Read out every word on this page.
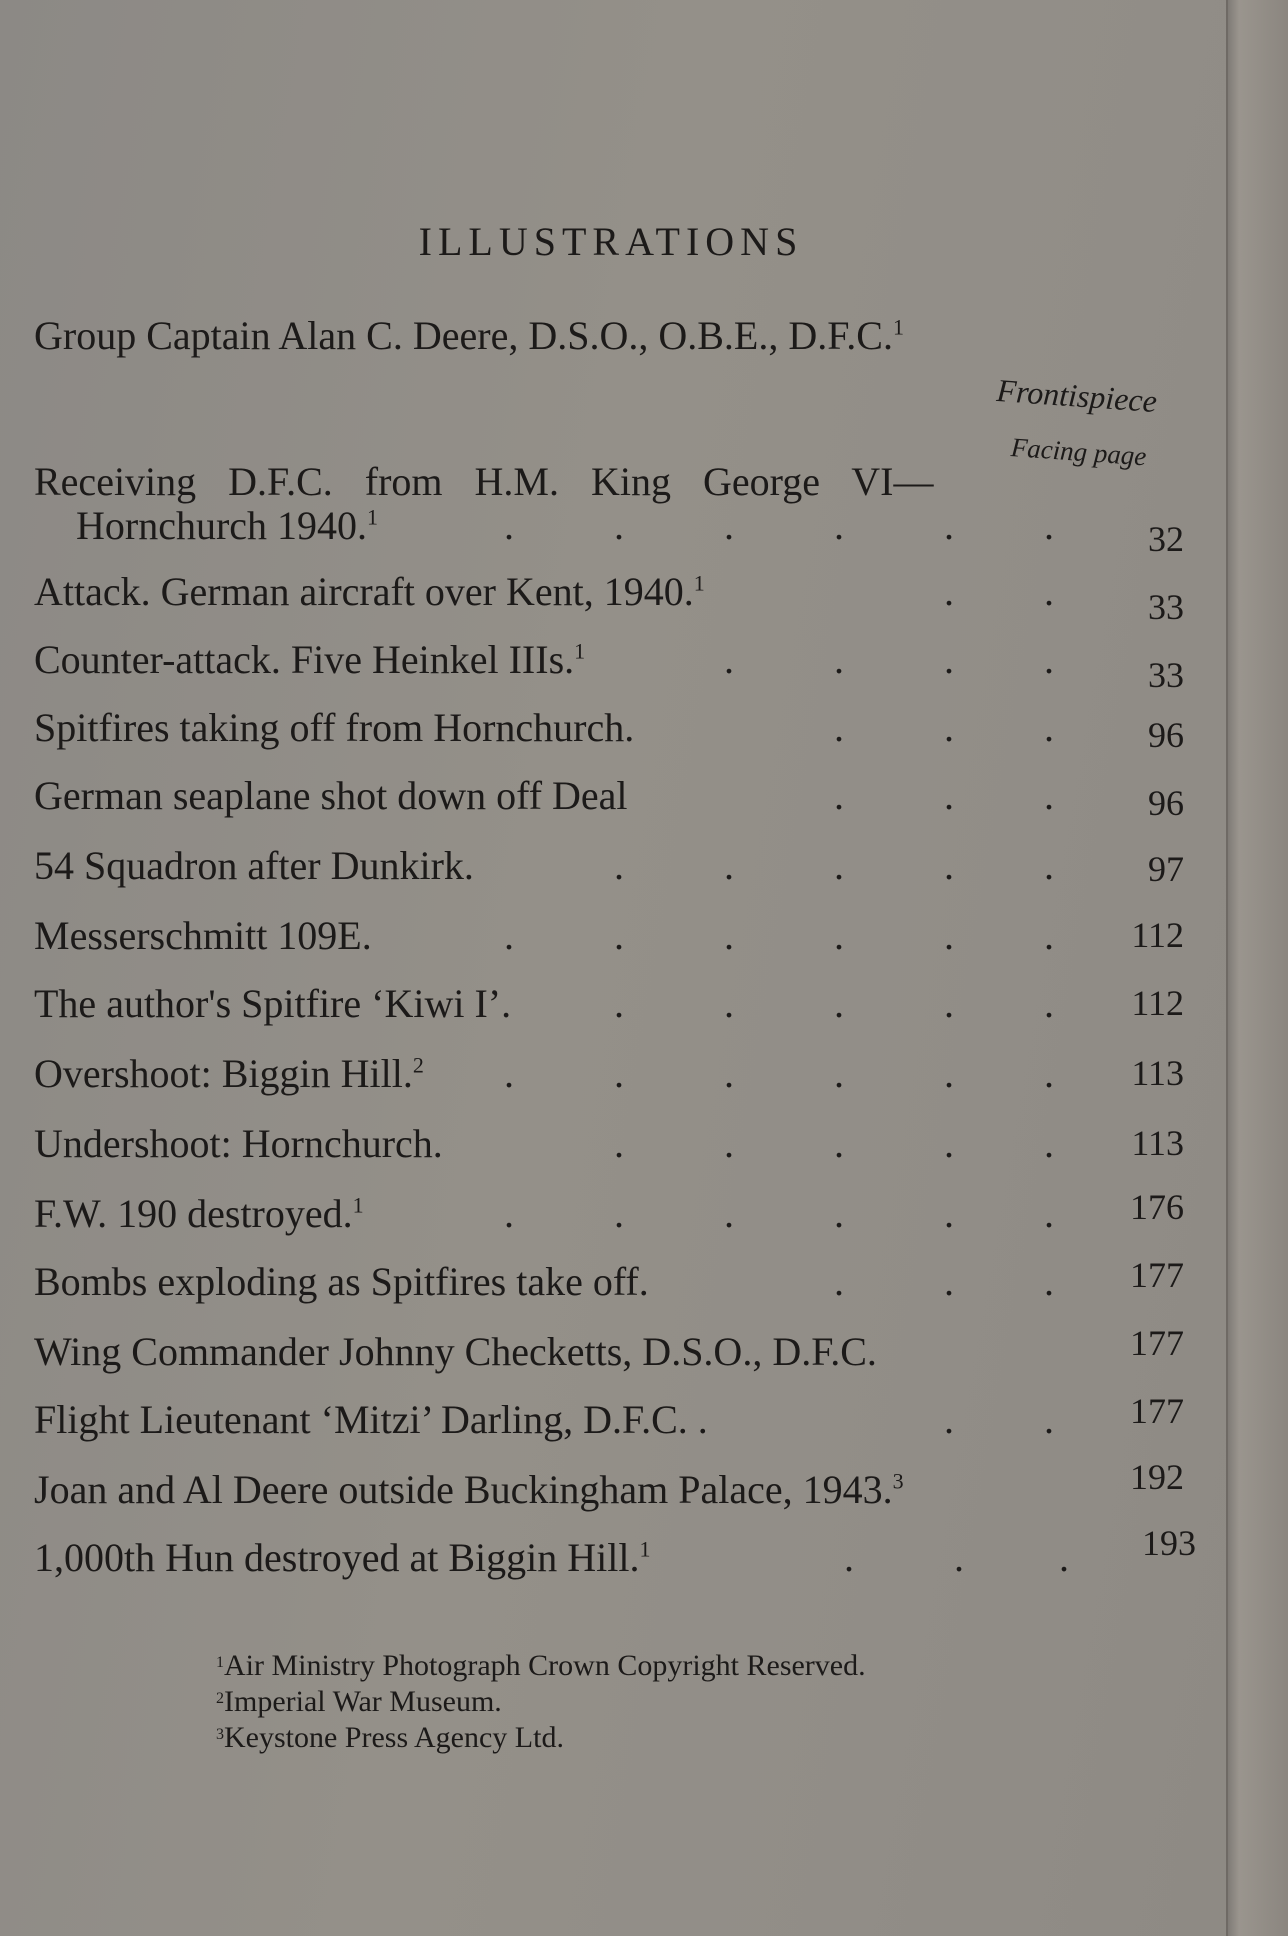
ILLUSTRATIONS
Group Captain Alan C. Deere, D.S.O., O.B.E., D.F.C.$^1$
Frontispiece
Facing page
Receiving D.F.C. from H.M. King George VI—
Hornchurch 1940.$^1$	.	.	.	.	. .	32
Attack. German aircraft over Kent, 1940.$^1$	. .	33
Counter-attack. Five Heinkel IIIs.$^1$	.	.	. .	33
Spitfires taking off from Hornchurch.	.	. .	96
German seaplane shot down off Deal	.	. .	96
54 Squadron after Dunkirk.	.	.	.	. .	97
Messerschmitt 109E.	.	.	.	.	. . 112
The author's Spitfire ‘Kiwi I’.	.	.	.	. . 112
Overshoot: Biggin Hill.$^2$ .	.	.	.	. . 113
Undershoot: Hornchurch.	.	.	.	. . 113
F.W. 190 destroyed.$^1$	.	.	.	.	. . 176
Bombs exploding as Spitfires take off.	.	. . 177
Wing Commander Johnny Checketts, D.S.O., D.F.C.	177
Flight Lieutenant ‘Mitzi’ Darling, D.F.C. .	. . 177
Joan and Al Deere outside Buckingham Palace, 1943.$^3$	192
1,000th Hun destroyed at Biggin Hill.$^1$	.	. . 193
$^1$Air Ministry Photograph Crown Copyright Reserved.
$^2$Imperial War Museum.
$^3$Keystone Press Agency Ltd.
